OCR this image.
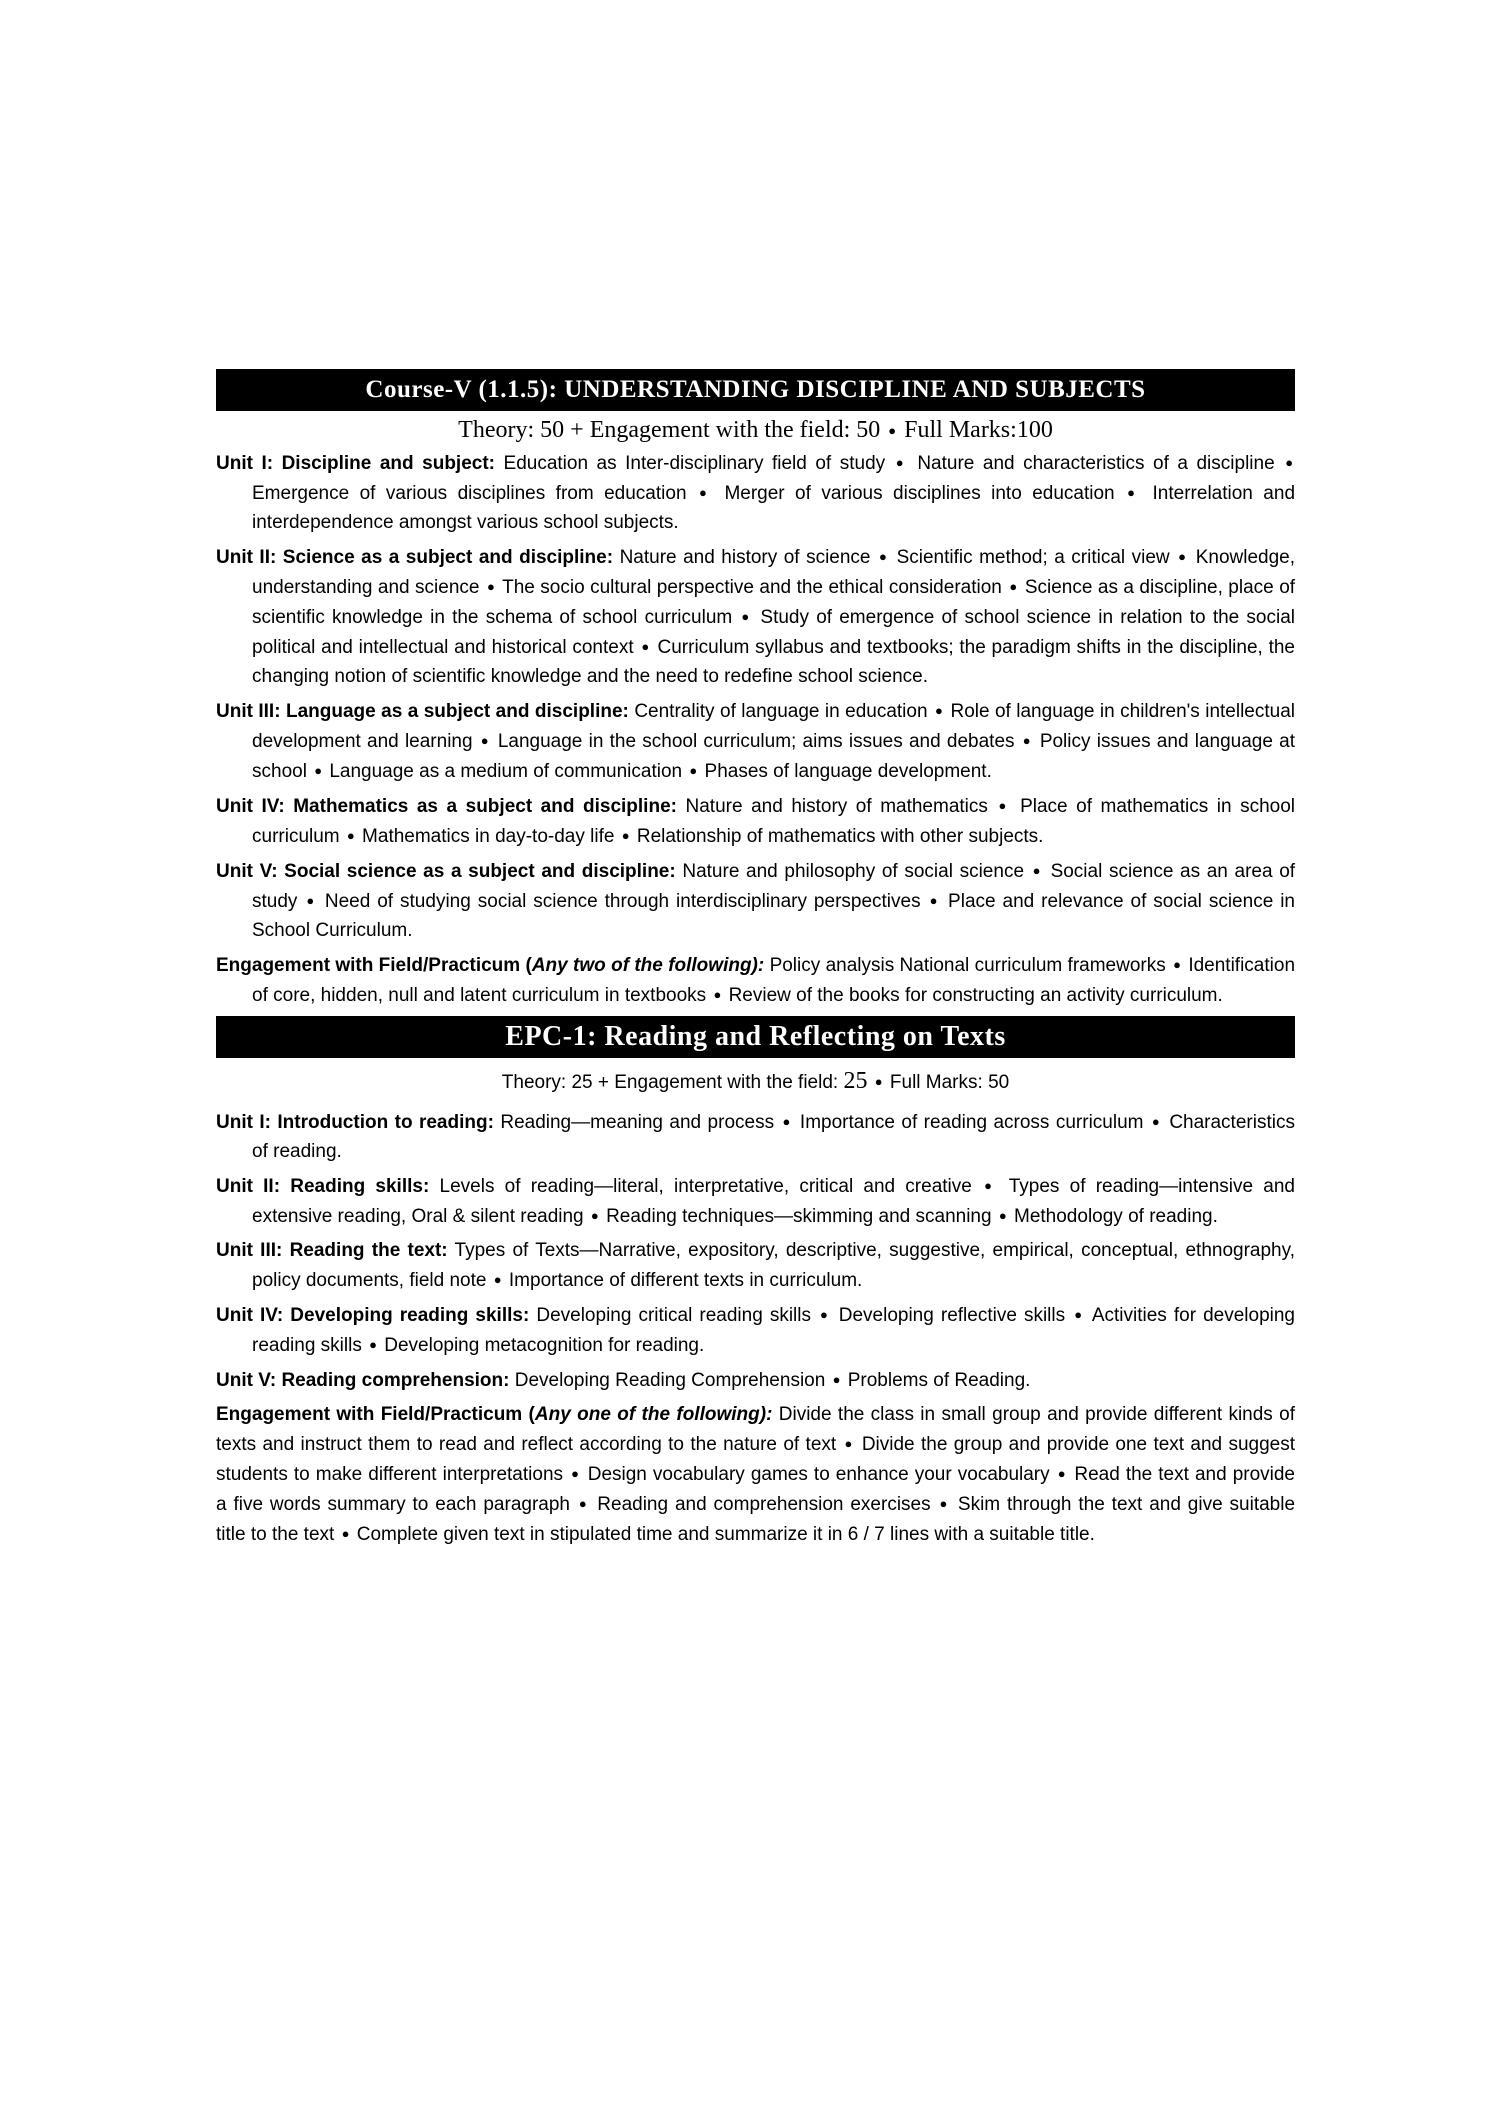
Course-V (1.1.5): UNDERSTANDING DISCIPLINE AND SUBJECTS
Theory: 50 + Engagement with the field: 50 ● Full Marks:100

Unit I: Discipline and subject: Education as Inter-disciplinary field of study ● Nature and characteristics of a discipline ● Emergence of various disciplines from education ● Merger of various disciplines into education ● Interrelation and interdependence amongst various school subjects.

Unit II: Science as a subject and discipline: Nature and history of science ● Scientific method; a critical view ● Knowledge, understanding and science ● The socio cultural perspective and the ethical consideration ● Science as a discipline, place of scientific knowledge in the schema of school curriculum ● Study of emergence of school science in relation to the social political and intellectual and historical context ● Curriculum syllabus and textbooks; the paradigm shifts in the discipline, the changing notion of scientific knowledge and the need to redefine school science.

Unit III: Language as a subject and discipline: Centrality of language in education ● Role of language in children's intellectual development and learning ● Language in the school curriculum; aims issues and debates ● Policy issues and language at school ● Language as a medium of communication ● Phases of language development.

Unit IV: Mathematics as a subject and discipline: Nature and history of mathematics ● Place of mathematics in school curriculum ● Mathematics in day-to-day life ● Relationship of mathematics with other subjects.

Unit V: Social science as a subject and discipline: Nature and philosophy of social science ● Social science as an area of study ● Need of studying social science through interdisciplinary perspectives ● Place and relevance of social science in School Curriculum.

Engagement with Field/Practicum (Any two of the following): Policy analysis National curriculum frameworks ● Identification of core, hidden, null and latent curriculum in textbooks ● Review of the books for constructing an activity curriculum.

EPC-1: Reading and Reflecting on Texts
Theory: 25 + Engagement with the field: 25 ● Full Marks: 50

Unit I: Introduction to reading: Reading—meaning and process ● Importance of reading across curriculum ● Characteristics of reading.

Unit II: Reading skills: Levels of reading—literal, interpretative, critical and creative ● Types of reading—intensive and extensive reading, Oral & silent reading ● Reading techniques—skimming and scanning ● Methodology of reading.

Unit III: Reading the text: Types of Texts—Narrative, expository, descriptive, suggestive, empirical, conceptual, ethnography, policy documents, field note ● Importance of different texts in curriculum.

Unit IV: Developing reading skills: Developing critical reading skills ● Developing reflective skills ● Activities for developing reading skills ● Developing metacognition for reading.

Unit V: Reading comprehension: Developing Reading Comprehension ● Problems of Reading.

Engagement with Field/Practicum (Any one of the following): Divide the class in small group and provide different kinds of texts and instruct them to read and reflect according to the nature of text ● Divide the group and provide one text and suggest students to make different interpretations ● Design vocabulary games to enhance your vocabulary ● Read the text and provide a five words summary to each paragraph ● Reading and comprehension exercises ● Skim through the text and give suitable title to the text ● Complete given text in stipulated time and summarize it in 6 / 7 lines with a suitable title.
